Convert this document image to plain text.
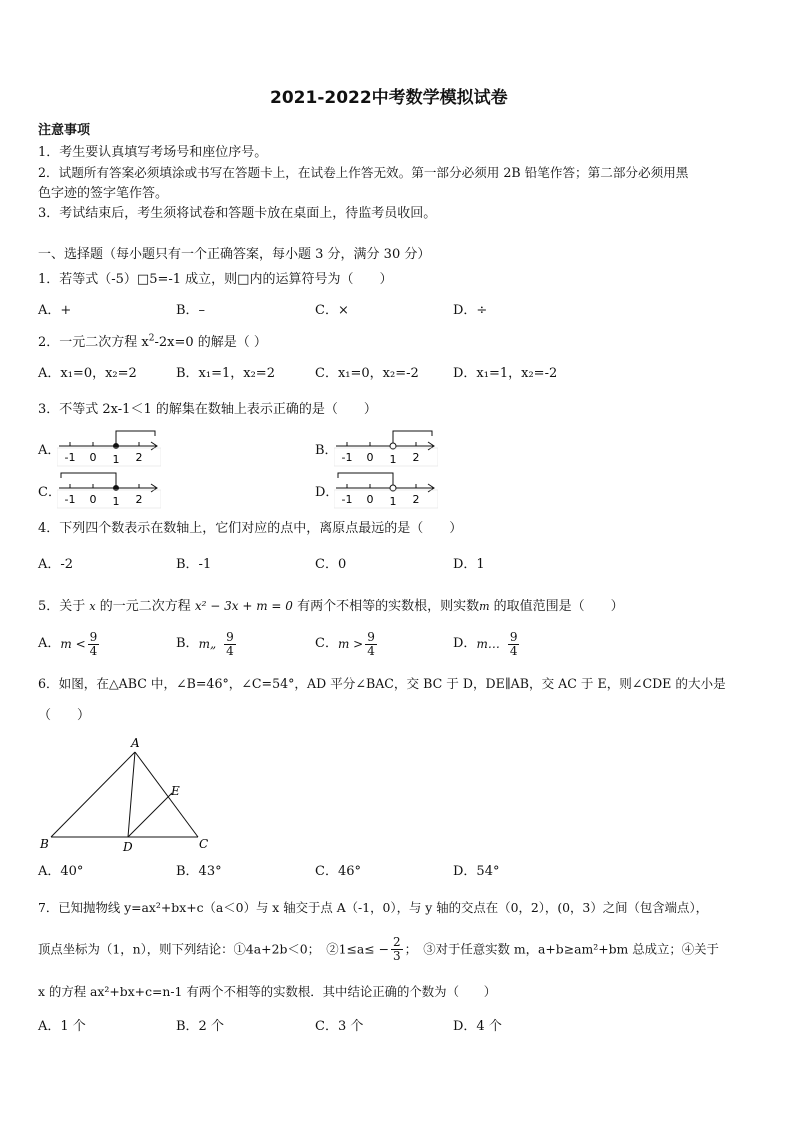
2021-2022中考数学模拟试卷
注意事项
1．考生要认真填写考场号和座位序号。
2．试题所有答案必须填涂或书写在答题卡上，在试卷上作答无效。第一部分必须用 2B 铅笔作答；第二部分必须用黑
色字迹的签字笔作答。
3．考试结束后，考生须将试卷和答题卡放在桌面上，待监考员收回。
一、选择题（每小题只有一个正确答案，每小题 3 分，满分 30 分）
1．若等式（-5）□5=-1 成立，则□内的运算符号为（　　）
A．+	B．–	C．×	D．÷
2．一元二次方程 $x^2-2x=0$ 的解是（ ）
A．x₁=0，x₂=2	B．x₁=1，x₂=2	C．x₁=0，x₂=-2	D．x₁=1，x₂=-2
3．不等式 2x-1＜1 的解集在数轴上表示正确的是（　　）
A． -1 0 1 2	B． -1 0 1 2
C． -1 0 1 2	D． -1 0 1 2
4．下列四个数表示在数轴上，它们对应的点中，离原点最远的是（　　）
A．-2	B．-1	C．0	D．1
5．关于 x 的一元二次方程 x² − 3x + m = 0 有两个不相等的实数根，则实数m 的取值范围是（　　）
A．$m < \frac{9}{4}$	B．m„ $\frac{9}{4}$	C．$m > \frac{9}{4}$	D．m… $\frac{9}{4}$
6．如图，在△ABC 中，∠B=46°，∠C=54°，AD 平分∠BAC，交 BC 于 D，DE∥AB，交 AC 于 E，则∠CDE 的大小是
（　　）
A
B	C
D
E
A．40°	B．43°	C．46°	D．54°
7．已知抛物线 y=ax²+bx+c（a＜0）与 x 轴交于点 A（-1，0），与 y 轴的交点在（0，2），(0，3）之间（包含端点），
顶点坐标为（1，n），则下列结论：①4a+2b＜0；　②1≤a≤ − $\frac{2}{3}$ ；　③对于任意实数 m，a+b≥am²+bm 总成立；④关于
x 的方程 ax²+bx+c=n-1 有两个不相等的实数根．其中结论正确的个数为（　　）
A．1 个	B．2 个	C．3 个	D．4 个
